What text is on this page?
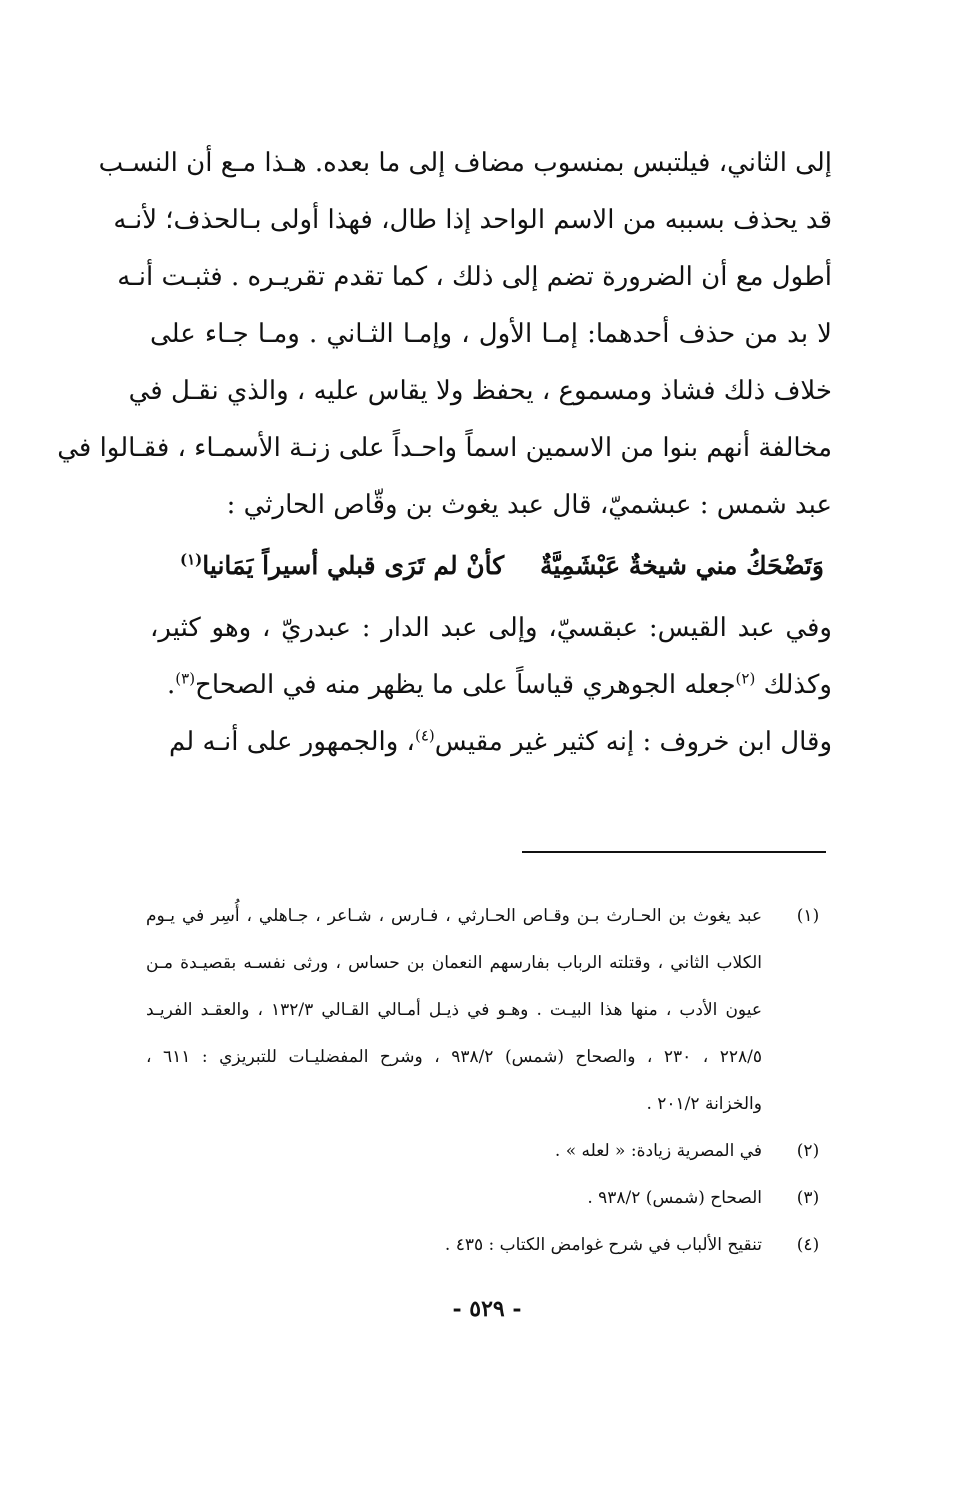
إلى الثاني، فيلتبس بمنسوب مضاف إلى ما بعده. هـذا مـع أن النسـب
قد يحذف بسببه من الاسم الواحد إذا طال، فهذا أولى بـالحذف؛ لأنـه
أطول مع أن الضرورة تضم إلى ذلك ، كما تقدم تقريـره . فثبـت أنـه
لا بد من حذف أحدهما: إمـا الأول ، وإمـا الثـاني . ومـا جـاء على
خلاف ذلك فشاذ ومسموع ، يحفظ ولا يقاس عليه ، والذي نقـل في
مخالفة أنهم بنوا من الاسمين اسماً واحـداً على زنـة الأسمـاء ، فقـالوا في
عبد شمس : عبشميّ، قال عبد يغوث بن وقّاص الحارثي :
وَتَضْحَكُ مني شيخةٌ عَبْشَمِيَّةٌ
كأنْ لم تَرَى قبلي أسيراً يَمَانيا$^{(١)}$
وفي عبد القيس: عبقسيّ، وإلى عبد الدار : عبدريّ ، وهو كثير،
وكذلك $^{(٢)}$جعله الجوهري قياساً على ما يظهر منه في الصحاح$^{(٣)}$.
وقال ابن خروف : إنه كثير غير مقيس$^{(٤)}$، والجمهور على أنـه لم
(١)
عبد يغوث بن الحـارث بـن وقـاص الحـارثي ، فـارس ، شـاعر ، جـاهلي ، أُسِر في يـوم
الكلاب الثاني ، وقتلته الرباب بفارسهم النعمان بن حساس ، ورثى نفسـه بقصيـدة مـن
عيون الأدب ، منها هذا البيـت . وهـو في ذيـل أمـالي القـالي ١٣٢/٣ ، والعقـد الفريـد
٢٢٨/٥ ، ٢٣٠ ، والصحاح (شمس) ٩٣٨/٢ ، وشرح المفضليـات للتبريزي : ٦١١ ،
والخزانة ٢٠١/٢ .
(٢)
في المصرية زيادة: « لعله » .
(٣)
الصحاح (شمس) ٩٣٨/٢ .
(٤)
تنقيح الألباب في شرح غوامض الكتاب : ٤٣٥ .
- ٥٢٩ -
